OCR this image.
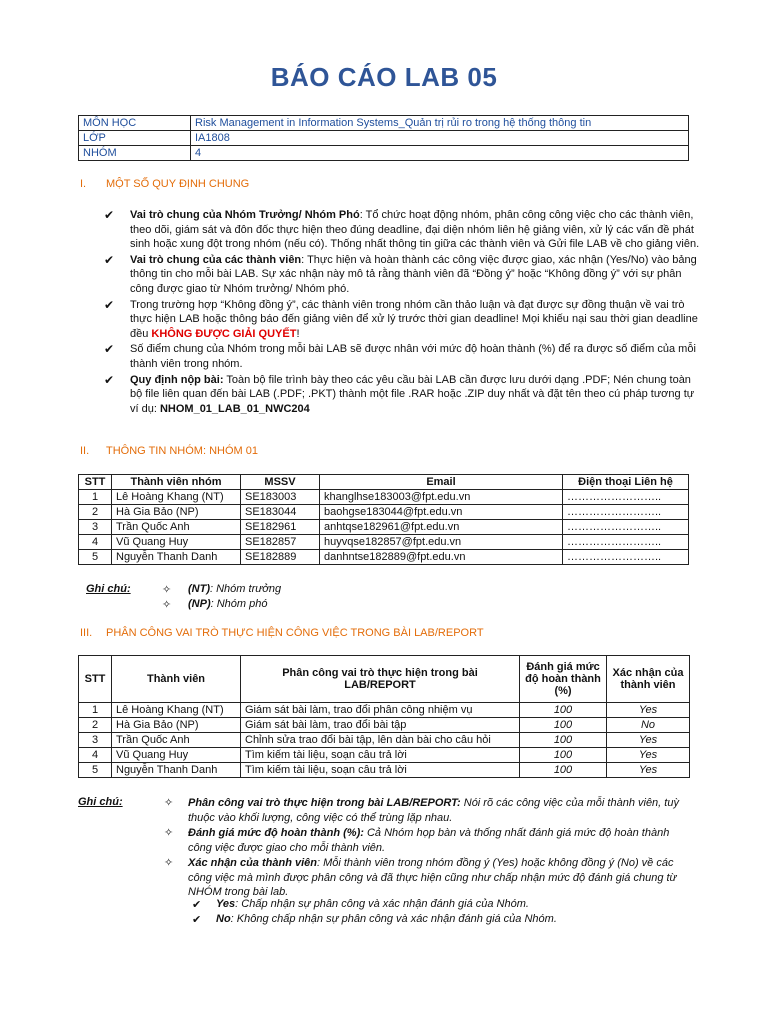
BÁO CÁO LAB 05
MÔN HỌC	Risk Management in Information Systems_Quản trị rủi ro trong hệ thống thông tin
LỚP	IA1808
NHÓM	4
I. MỘT SỐ QUY ĐỊNH CHUNG
✔ Vai trò chung của Nhóm Trưởng/ Nhóm Phó: Tổ chức hoạt động nhóm, phân công công việc cho các thành viên, theo dõi, giám sát và đôn đốc thực hiện theo đúng deadline, đại diện nhóm liên hệ giảng viên, xử lý các vấn đề phát sinh hoặc xung đột trong nhóm (nếu có). Thống nhất thông tin giữa các thành viên và Gửi file LAB về cho giảng viên.
✔ Vai trò chung của các thành viên: Thực hiện và hoàn thành các công việc được giao, xác nhận (Yes/No) vào bảng thông tin cho mỗi bài LAB. Sự xác nhận này mô tả rằng thành viên đã “Đồng ý” hoặc “Không đồng ý” với sự phân công được giao từ Nhóm trưởng/ Nhóm phó.
✔ Trong trường hợp “Không đồng ý”, các thành viên trong nhóm cần thảo luận và đạt được sự đồng thuận về vai trò thực hiện LAB hoặc thông báo đến giảng viên để xử lý trước thời gian deadline! Mọi khiếu nại sau thời gian deadline đều KHÔNG ĐƯỢC GIẢI QUYẾT!
✔ Số điểm chung của Nhóm trong mỗi bài LAB sẽ được nhân với mức độ hoàn thành (%) để ra được số điểm của mỗi thành viên trong nhóm.
✔ Quy định nộp bài: Toàn bộ file trình bày theo các yêu cầu bài LAB cần được lưu dưới dạng .PDF; Nén chung toàn bộ file liên quan đến bài LAB (.PDF; .PKT) thành một file .RAR hoặc .ZIP duy nhất và đặt tên theo cú pháp tương tự ví dụ: NHOM_01_LAB_01_NWC204
II. THÔNG TIN NHÓM: NHÓM 01
STT	Thành viên nhóm	MSSV	Email	Điện thoại Liên hệ
1	Lê Hoàng Khang (NT)	SE183003	khanglhse183003@fpt.edu.vn	……………………..
2	Hà Gia Bảo (NP)	SE183044	baohgse183044@fpt.edu.vn	……………………..
3	Trần Quốc Anh	SE182961	anhtqse182961@fpt.edu.vn	……………………..
4	Vũ Quang Huy	SE182857	huyvqse182857@fpt.edu.vn	……………………..
5	Nguyễn Thanh Danh	SE182889	danhntse182889@fpt.edu.vn	……………………..
Ghi chú:	✧ (NT): Nhóm trưởng
✧ (NP): Nhóm phó
III. PHÂN CÔNG VAI TRÒ THỰC HIỆN CÔNG VIỆC TRONG BÀI LAB/REPORT
STT	Thành viên	Phân công vai trò thực hiện trong bài LAB/REPORT	Đánh giá mức độ hoàn thành (%)	Xác nhận của thành viên
1	Lê Hoàng Khang (NT)	Giám sát bài làm, trao đổi phân công nhiệm vụ	100	Yes
2	Hà Gia Bảo (NP)	Giám sát bài làm, trao đổi bài tập	100	No
3	Trần Quốc Anh	Chỉnh sửa trao đổi bài tập, lên dàn bài cho câu hỏi	100	Yes
4	Vũ Quang Huy	Tìm kiếm tài liệu, soạn câu trả lời	100	Yes
5	Nguyễn Thanh Danh	Tìm kiếm tài liệu, soạn câu trả lời	100	Yes
Ghi chú:	✧ Phân công vai trò thực hiện trong bài LAB/REPORT: Nói rõ các công việc của mỗi thành viên, tuỳ thuộc vào khối lượng, công việc có thể trùng lặp nhau.
✧ Đánh giá mức độ hoàn thành (%): Cả Nhóm họp bàn và thống nhất đánh giá mức độ hoàn thành công việc được giao cho mỗi thành viên.
✧ Xác nhận của thành viên: Mỗi thành viên trong nhóm đồng ý (Yes) hoặc không đồng ý (No) về các công việc mà mình được phân công và đã thực hiện cũng như chấp nhận mức độ đánh giá chung từ NHÓM trong bài lab.
✔ Yes: Chấp nhận sự phân công và xác nhận đánh giá của Nhóm.
✔ No: Không chấp nhận sự phân công và xác nhận đánh giá của Nhóm.
